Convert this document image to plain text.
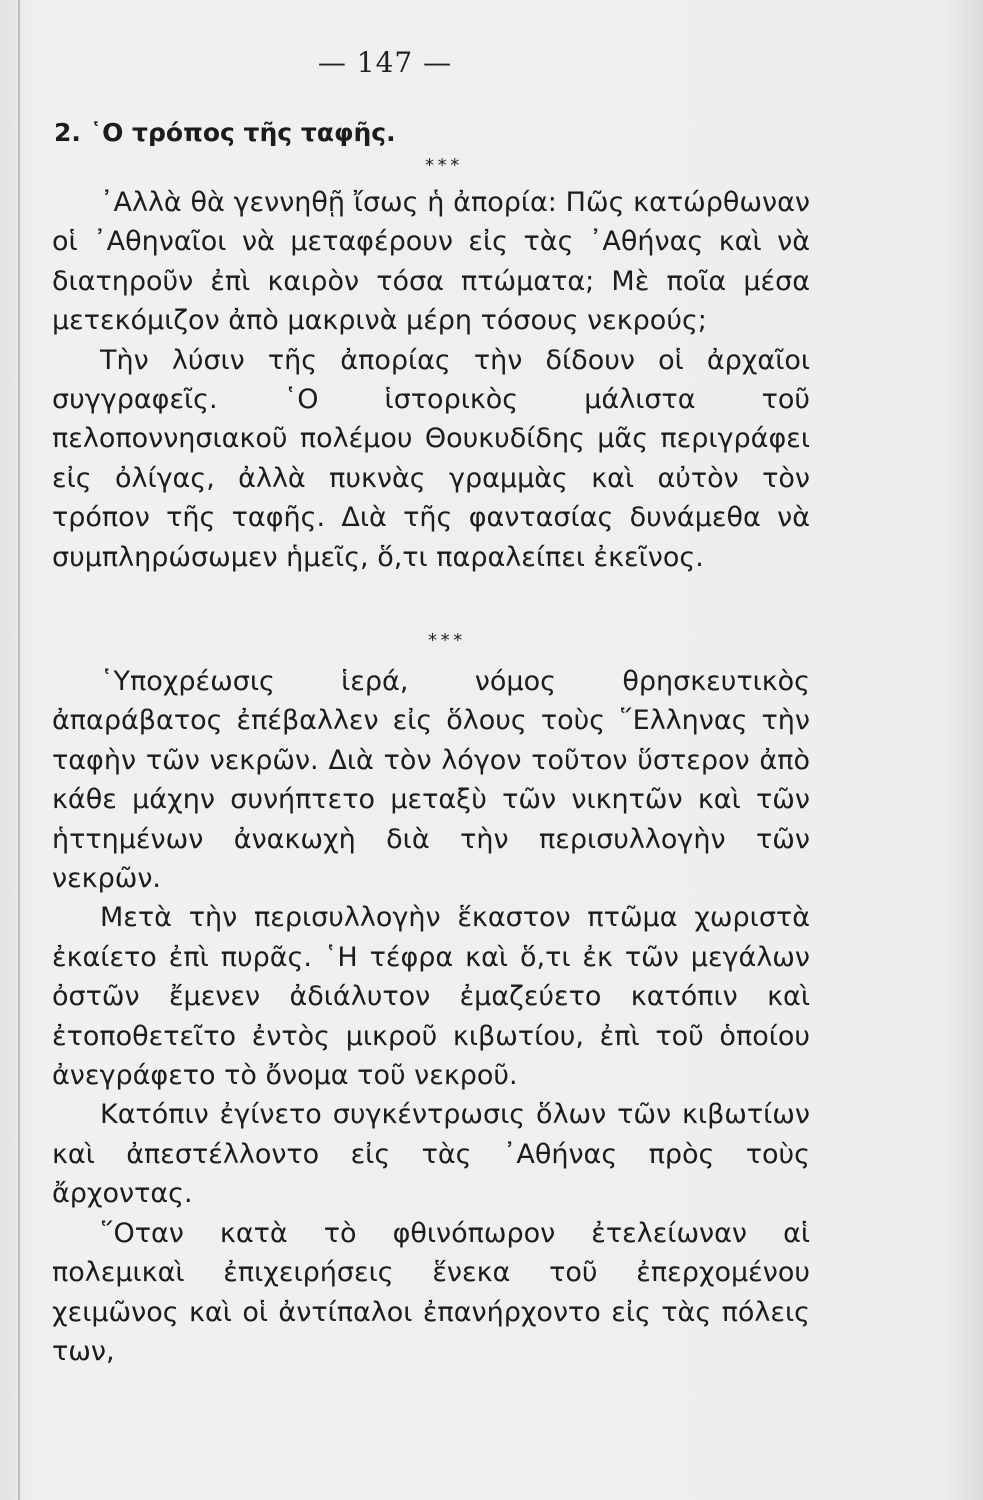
— 147 —
2. ῾Ο τρόπος τῆς ταφῆς.
* * *

᾿Αλλὰ θὰ γεννηθῇ ἴσως ἡ ἀπορία: Πῶς κατώρθωναν οἱ ᾿Αθηναῖοι νὰ μεταφέρουν εἰς τὰς ᾿Αθήνας καὶ νὰ διατηροῦν ἐπὶ καιρὸν τόσα πτώματα; Μὲ ποῖα μέσα μετεκόμιζον ἀπὸ μακρινὰ μέρη τόσους νεκρούς;

Τὴν λύσιν τῆς ἀπορίας τὴν δίδουν οἱ ἀρχαῖοι συγγραφεῖς. ῾Ο ἱστορικὸς μάλιστα τοῦ πελοποννησιακοῦ πολέμου Θουκυδίδης μᾶς περιγράφει εἰς ὀλίγας, ἀλλὰ πυκνὰς γραμμὰς καὶ αὐτὸν τὸν τρόπον τῆς ταφῆς. Διὰ τῆς φαντασίας δυνάμεθα νὰ συμπληρώσωμεν ἡμεῖς, ὅ,τι παραλείπει ἐκεῖνος.

* * *

῾Υποχρέωσις ἱερά, νόμος θρησκευτικὸς ἀπαράβατος ἐπέβαλλεν εἰς ὅλους τοὺς ῞Ελληνας τὴν ταφὴν τῶν νεκρῶν. Διὰ τὸν λόγον τοῦτον ὕστερον ἀπὸ κάθε μάχην συνήπτετο μεταξὺ τῶν νικητῶν καὶ τῶν ἡττημένων ἀνακωχὴ διὰ τὴν περισυλλογὴν τῶν νεκρῶν.

Μετὰ τὴν περισυλλογὴν ἕκαστον πτῶμα χωριστὰ ἐκαίετο ἐπὶ πυρᾶς. ῾Η τέφρα καὶ ὅ,τι ἐκ τῶν μεγάλων ὀστῶν ἔμενεν ἀδιάλυτον ἐμαζεύετο κατόπιν καὶ ἐτοποθετεῖτο ἐντὸς μικροῦ κιβωτίου, ἐπὶ τοῦ ὁποίου ἀνεγράφετο τὸ ὄνομα τοῦ νεκροῦ.

Κατόπιν ἐγίνετο συγκέντρωσις ὅλων τῶν κιβωτίων καὶ ἀπεστέλλοντο εἰς τὰς ᾿Αθήνας πρὸς τοὺς ἄρχοντας.

῞Οταν κατὰ τὸ φθινόπωρον ἐτελείωναν αἱ πολεμικαὶ ἐπιχειρήσεις ἕνεκα τοῦ ἐπερχομένου χειμῶνος καὶ οἱ ἀντίπαλοι ἐπανήρχοντο εἰς τὰς πόλεις των,
